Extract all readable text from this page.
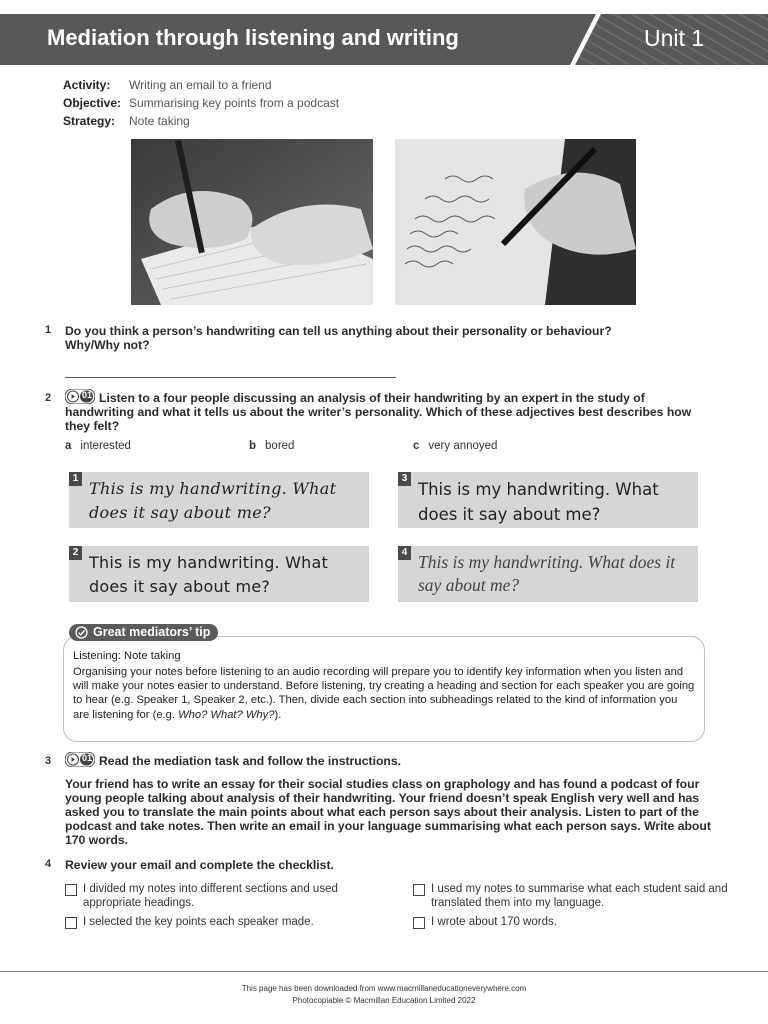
Mediation through listening and writing	Unit 1
Activity:	Writing an email to a friend
Objective: Summarising key points from a podcast
Strategy:	Note taking
1 Do you think a person’s handwriting can tell us anything about their personality or behaviour? Why/Why not?
2	Listen to a four people discussing an analysis of their handwriting by an expert in the study of handwriting and what it tells us about the writer’s personality. Which of these adjectives best describes how they felt?
01
a interested	b bored	c very annoyed
1
This is my handwriting. What does it say about me?
3
This is my handwriting. What does it say about me?
2
This is my handwriting. What does it say about me?
4 This is my handwriting. What does it say about me?
Great mediators’ tip
Listening: Note taking
Organising your notes before listening to an audio recording will prepare you to identify key information when you listen and will make your notes easier to understand. Before listening, try creating a heading and section for each speaker you are going to hear (e.g. Speaker 1, Speaker 2, etc.). Then, divide each section into subheadings related to the kind of information you are listening for (e.g. Who? What? Why?).
3	01 Read the mediation task and follow the instructions.
Your friend has to write an essay for their social studies class on graphology and has found a podcast of four young people talking about analysis of their handwriting. Your friend doesn’t speak English very well and has asked you to translate the main points about what each person says about their analysis. Listen to part of the podcast and take notes. Then write an email in your language summarising what each person says. Write about 170 words.
4 Review your email and complete the checklist.
I divided my notes into different sections and used appropriate headings.
I selected the key points each speaker made.
I used my notes to summarise what each student said and translated them into my language.
I wrote about 170 words.
This page has been downloaded from www.macmillaneducationeverywhere.com
Photocopiable © Macmillan Education Limited 2022
